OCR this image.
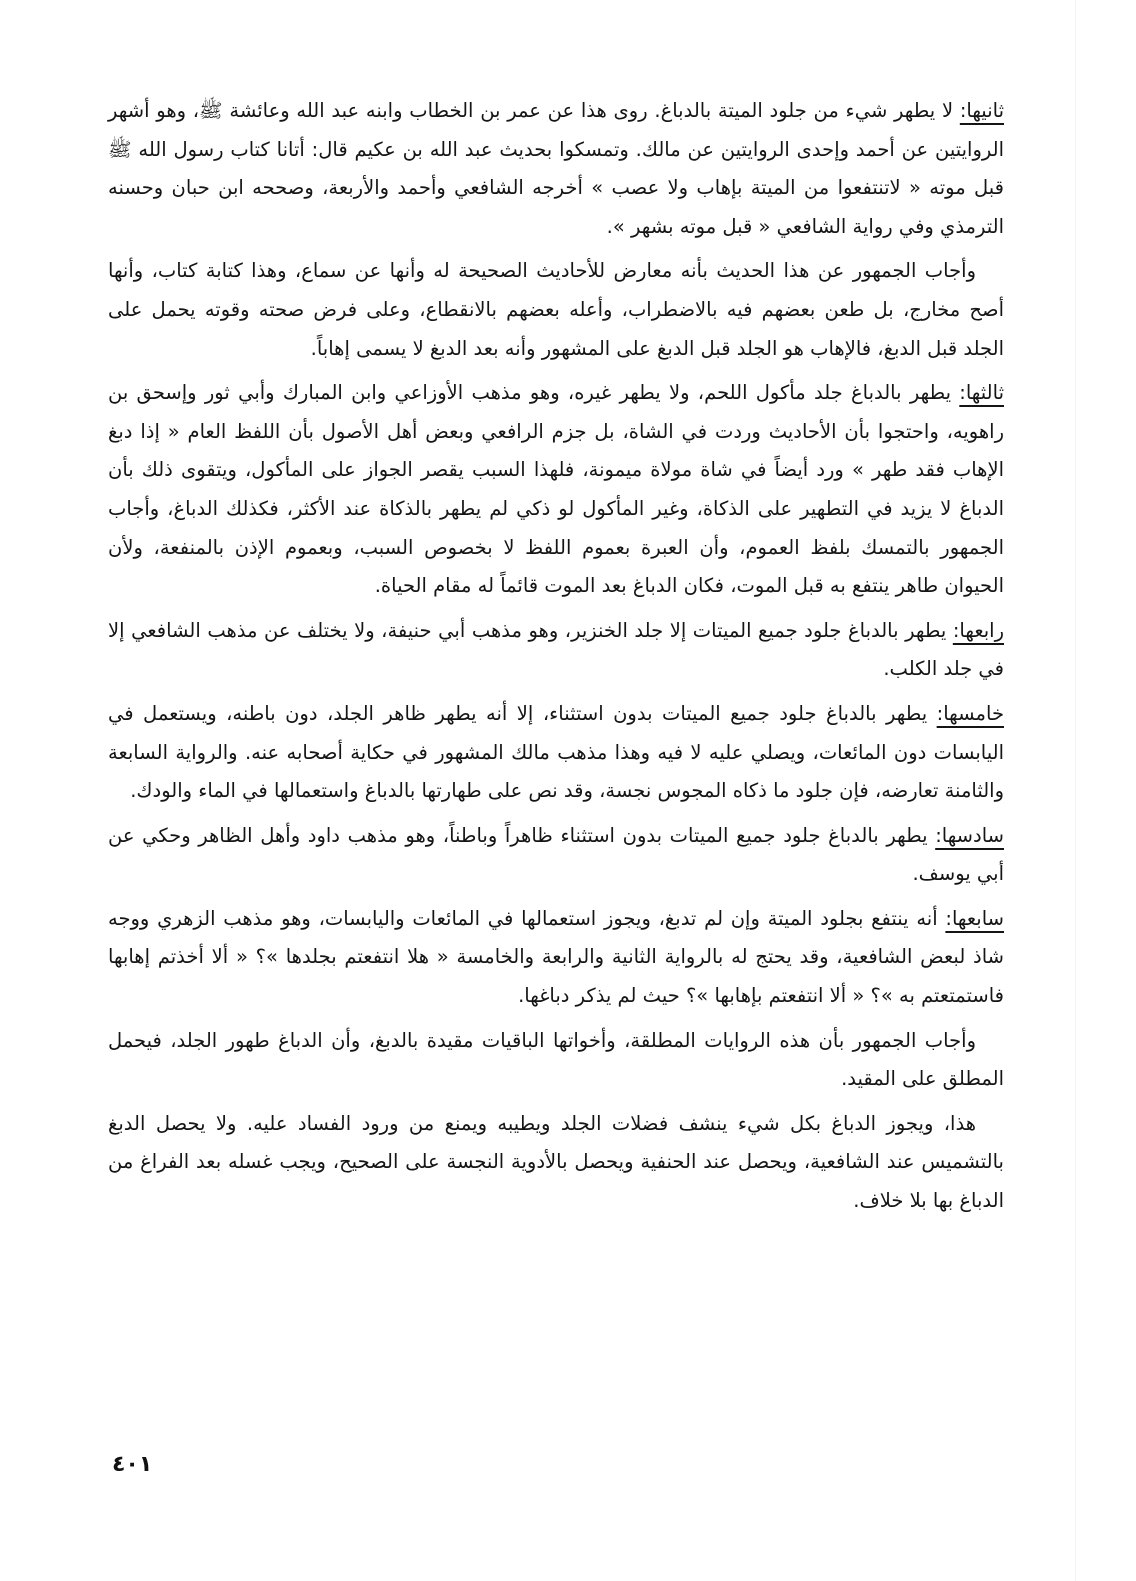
ثانيها: لا يطهر شيء من جلود الميتة بالدباغ. روى هذا عن عمر بن الخطاب وابنه عبد الله وعائشة ﷺ، وهو أشهر الروايتين عن أحمد وإحدى الروايتين عن مالك. وتمسكوا بحديث عبد الله بن عكيم قال: أتانا كتاب رسول الله ﷺ قبل موته « لاتنتفعوا من الميتة بإهاب ولا عصب » أخرجه الشافعي وأحمد والأربعة، وصححه ابن حبان وحسنه الترمذي وفي رواية الشافعي « قبل موته بشهر ».

وأجاب الجمهور عن هذا الحديث بأنه معارض للأحاديث الصحيحة له وأنها عن سماع، وهذا كتابة كتاب، وأنها أصح مخارج، بل طعن بعضهم فيه بالاضطراب، وأعله بعضهم بالانقطاع، وعلى فرض صحته وقوته يحمل على الجلد قبل الدبغ، فالإهاب هو الجلد قبل الدبغ على المشهور وأنه بعد الدبغ لا يسمى إهاباً.

ثالثها: يطهر بالدباغ جلد مأكول اللحم، ولا يطهر غيره، وهو مذهب الأوزاعي وابن المبارك وأبي ثور وإسحق بن راهويه، واحتجوا بأن الأحاديث وردت في الشاة، بل جزم الرافعي وبعض أهل الأصول بأن اللفظ العام « إذا دبغ الإهاب فقد طهر » ورد أيضاً في شاة مولاة ميمونة، فلهذا السبب يقصر الجواز على المأكول، ويتقوى ذلك بأن الدباغ لا يزيد في التطهير على الذكاة، وغير المأكول لو ذكي لم يطهر بالذكاة عند الأكثر، فكذلك الدباغ، وأجاب الجمهور بالتمسك بلفظ العموم، وأن العبرة بعموم اللفظ لا بخصوص السبب، وبعموم الإذن بالمنفعة، ولأن الحيوان طاهر ينتفع به قبل الموت، فكان الدباغ بعد الموت قائماً له مقام الحياة.

رابعها: يطهر بالدباغ جلود جميع الميتات إلا جلد الخنزير، وهو مذهب أبي حنيفة، ولا يختلف عن مذهب الشافعي إلا في جلد الكلب.

خامسها: يطهر بالدباغ جلود جميع الميتات بدون استثناء، إلا أنه يطهر ظاهر الجلد، دون باطنه، ويستعمل في اليابسات دون المائعات، ويصلي عليه لا فيه وهذا مذهب مالك المشهور في حكاية أصحابه عنه. والرواية السابعة والثامنة تعارضه، فإن جلود ما ذكاه المجوس نجسة، وقد نص على طهارتها بالدباغ واستعمالها في الماء والودك.

سادسها: يطهر بالدباغ جلود جميع الميتات بدون استثناء ظاهراً وباطناً، وهو مذهب داود وأهل الظاهر وحكي عن أبي يوسف.

سابعها: أنه ينتفع بجلود الميتة وإن لم تدبغ، ويجوز استعمالها في المائعات واليابسات، وهو مذهب الزهري ووجه شاذ لبعض الشافعية، وقد يحتج له بالرواية الثانية والرابعة والخامسة « هلا انتفعتم بجلدها »؟ « ألا أخذتم إهابها فاستمتعتم به »؟ « ألا انتفعتم بإهابها »؟ حيث لم يذكر دباغها.

وأجاب الجمهور بأن هذه الروايات المطلقة، وأخواتها الباقيات مقيدة بالدبغ، وأن الدباغ طهور الجلد، فيحمل المطلق على المقيد.

هذا، ويجوز الدباغ بكل شيء ينشف فضلات الجلد ويطيبه ويمنع من ورود الفساد عليه. ولا يحصل الدبغ بالتشميس عند الشافعية، ويحصل عند الحنفية ويحصل بالأدوية النجسة على الصحيح، ويجب غسله بعد الفراغ من الدباغ بها بلا خلاف.

٤٠١
